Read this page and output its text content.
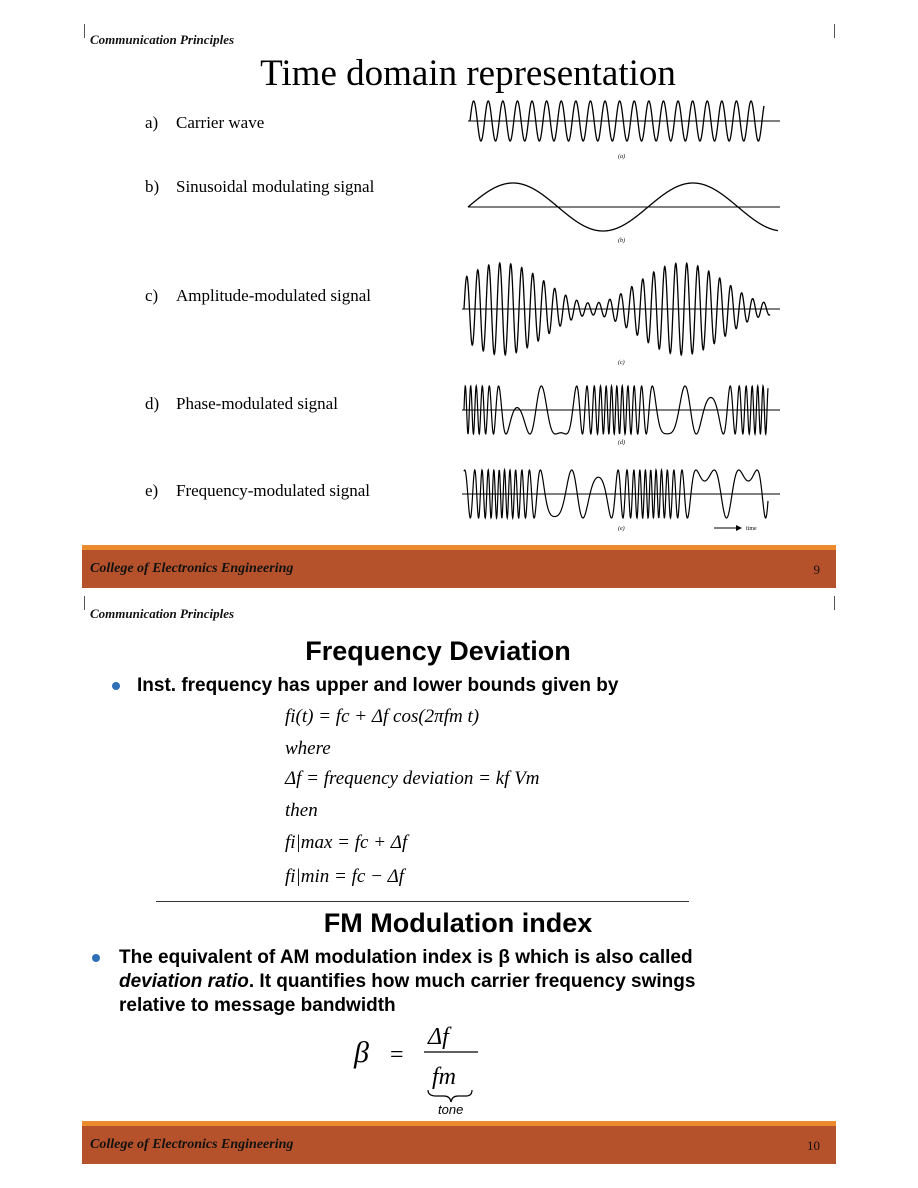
Communication Principles
Time domain representation
a) Carrier wave
b) Sinusoidal modulating signal
c) Amplitude-modulated signal
d) Phase-modulated signal
e) Frequency-modulated signal
(a)
(b)
(c)
(d)
(e)	time
College of Electronics Engineering	9
Communication Principles
Frequency Deviation
Inst. frequency has upper and lower bounds given by
fi(t) = fc + Δf cos(2πfm t)
where
Δf = frequency deviation = kf Vm
then
fi|max = fc + Δf
fi|min = fc − Δf
FM Modulation index
The equivalent of AM modulation index is β which is also called deviation ratio. It quantifies how much carrier frequency swings relative to message bandwidth
β =
Δf
fm
tone
College of Electronics Engineering	10
